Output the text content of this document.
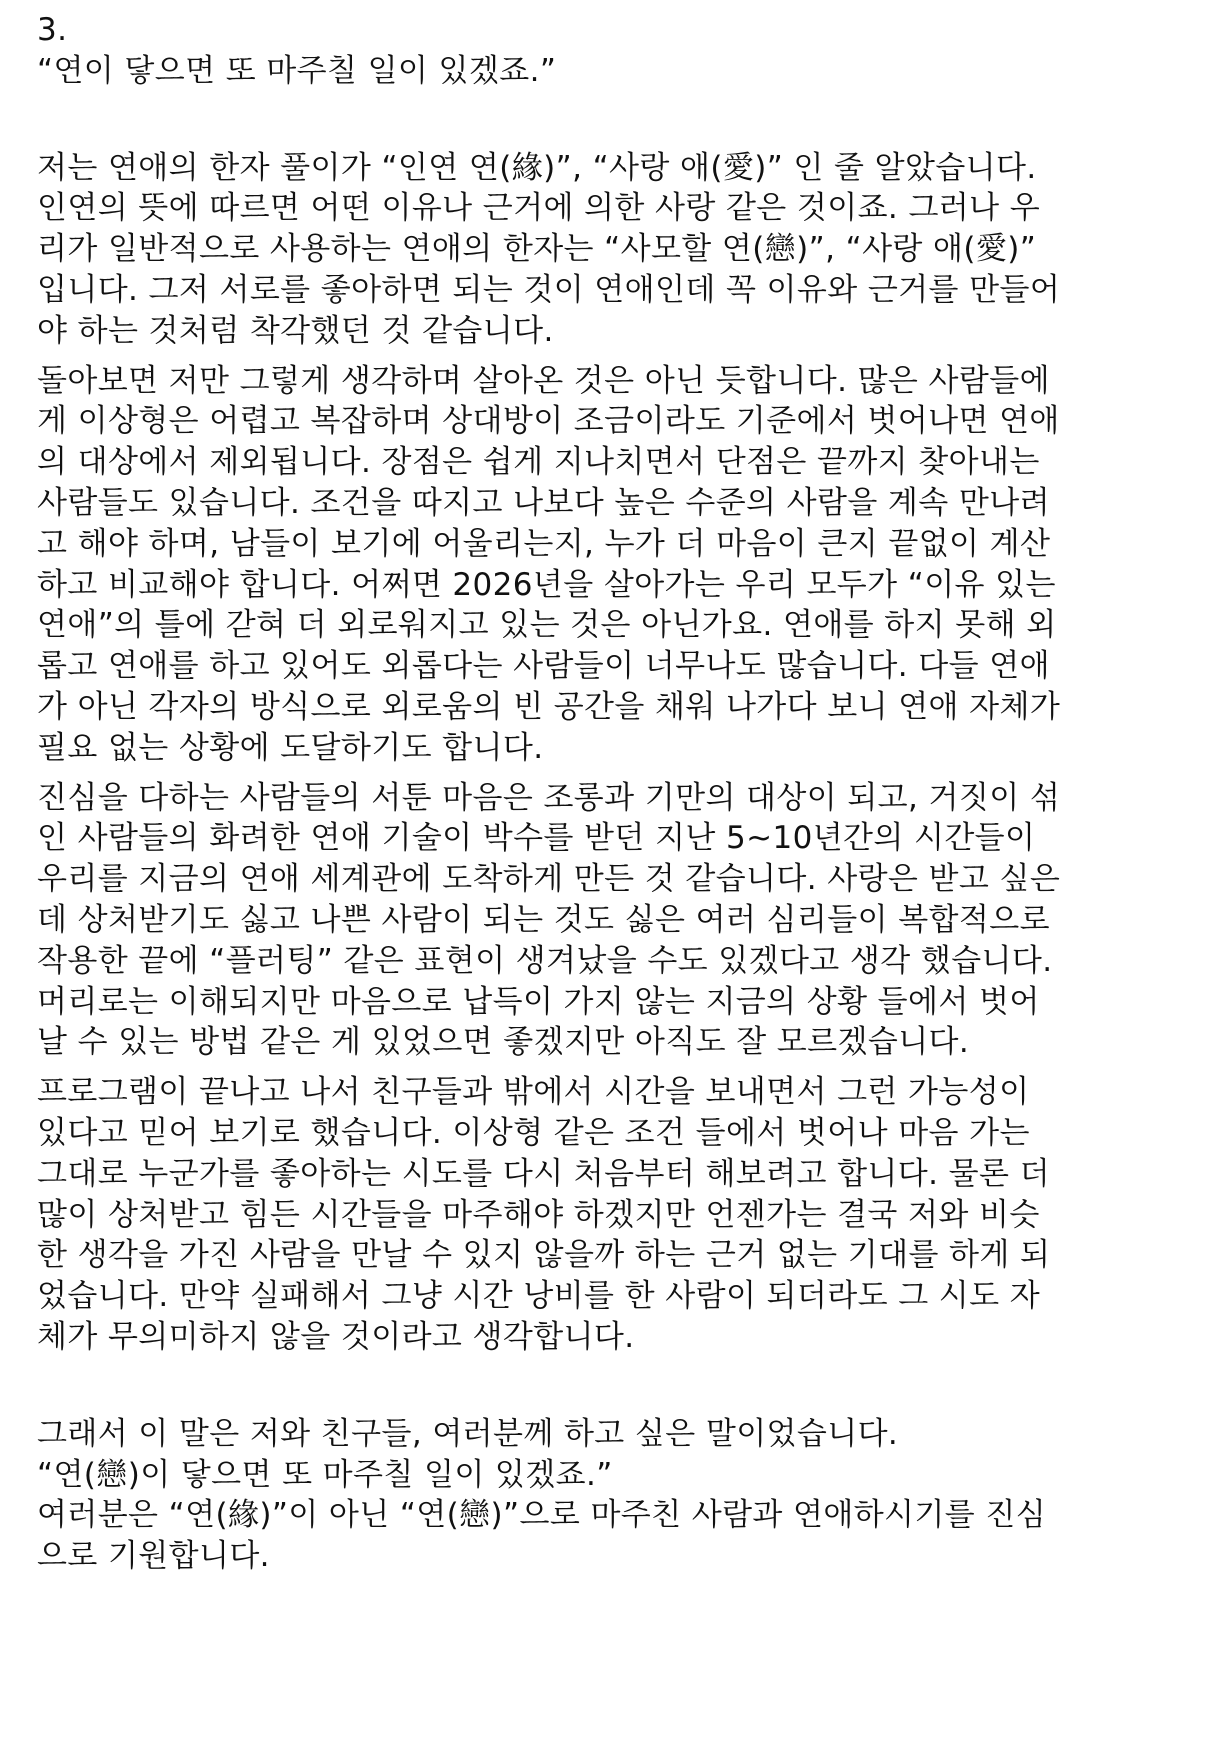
3.
“연이 닿으면 또 마주칠 일이 있겠죠.”
저는 연애의 한자 풀이가 “인연 연(緣)”, “사랑 애(愛)” 인 줄 알았습니다.
인연의 뜻에 따르면 어떤 이유나 근거에 의한 사랑 같은 것이죠. 그러나 우
리가 일반적으로 사용하는 연애의 한자는 “사모할 연(戀)”, “사랑 애(愛)”
입니다. 그저 서로를 좋아하면 되는 것이 연애인데 꼭 이유와 근거를 만들어
야 하는 것처럼 착각했던 것 같습니다.
돌아보면 저만 그렇게 생각하며 살아온 것은 아닌 듯합니다. 많은 사람들에
게 이상형은 어렵고 복잡하며 상대방이 조금이라도 기준에서 벗어나면 연애
의 대상에서 제외됩니다. 장점은 쉽게 지나치면서 단점은 끝까지 찾아내는
사람들도 있습니다. 조건을 따지고 나보다 높은 수준의 사람을 계속 만나려
고 해야 하며, 남들이 보기에 어울리는지, 누가 더 마음이 큰지 끝없이 계산
하고 비교해야 합니다. 어쩌면 2026년을 살아가는 우리 모두가 “이유 있는
연애”의 틀에 갇혀 더 외로워지고 있는 것은 아닌가요. 연애를 하지 못해 외
롭고 연애를 하고 있어도 외롭다는 사람들이 너무나도 많습니다. 다들 연애
가 아닌 각자의 방식으로 외로움의 빈 공간을 채워 나가다 보니 연애 자체가
필요 없는 상황에 도달하기도 합니다.
진심을 다하는 사람들의 서툰 마음은 조롱과 기만의 대상이 되고, 거짓이 섞
인 사람들의 화려한 연애 기술이 박수를 받던 지난 5~10년간의 시간들이
우리를 지금의 연애 세계관에 도착하게 만든 것 같습니다. 사랑은 받고 싶은
데 상처받기도 싫고 나쁜 사람이 되는 것도 싫은 여러 심리들이 복합적으로
작용한 끝에 “플러팅” 같은 표현이 생겨났을 수도 있겠다고 생각 했습니다.
머리로는 이해되지만 마음으로 납득이 가지 않는 지금의 상황 들에서 벗어
날 수 있는 방법 같은 게 있었으면 좋겠지만 아직도 잘 모르겠습니다.
프로그램이 끝나고 나서 친구들과 밖에서 시간을 보내면서 그런 가능성이
있다고 믿어 보기로 했습니다. 이상형 같은 조건 들에서 벗어나 마음 가는
그대로 누군가를 좋아하는 시도를 다시 처음부터 해보려고 합니다. 물론 더
많이 상처받고 힘든 시간들을 마주해야 하겠지만 언젠가는 결국 저와 비슷
한 생각을 가진 사람을 만날 수 있지 않을까 하는 근거 없는 기대를 하게 되
었습니다. 만약 실패해서 그냥 시간 낭비를 한 사람이 되더라도 그 시도 자
체가 무의미하지 않을 것이라고 생각합니다.
그래서 이 말은 저와 친구들, 여러분께 하고 싶은 말이었습니다.
“연(戀)이 닿으면 또 마주칠 일이 있겠죠.”
여러분은 “연(緣)”이 아닌 “연(戀)”으로 마주친 사람과 연애하시기를 진심
으로 기원합니다.
